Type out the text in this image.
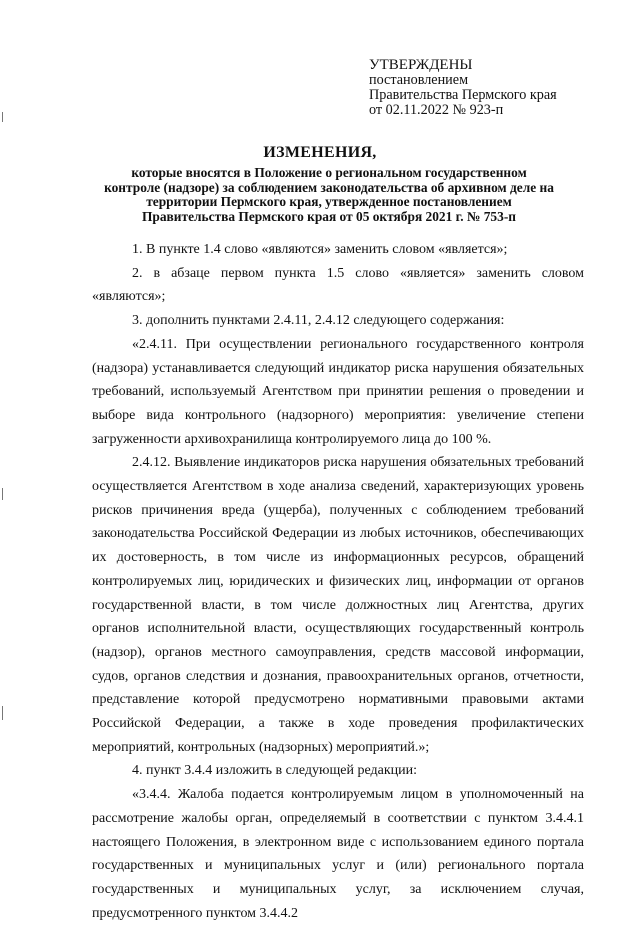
УТВЕРЖДЕНЫ
постановлением
Правительства Пермского края
от 02.11.2022 № 923-п
ИЗМЕНЕНИЯ,
которые вносятся в Положение о региональном государственном контроле (надзоре) за соблюдением законодательства об архивном деле на территории Пермского края, утвержденное постановлением Правительства Пермского края от 05 октября 2021 г. № 753-п

1. В пункте 1.4 слово «являются» заменить словом «является»;

2. в абзаце первом пункта 1.5 слово «является» заменить словом «являются»;

3. дополнить пунктами 2.4.11, 2.4.12 следующего содержания:

«2.4.11. При осуществлении регионального государственного контроля (надзора) устанавливается следующий индикатор риска нарушения обязательных требований, используемый Агентством при принятии решения о проведении и выборе вида контрольного (надзорного) мероприятия: увеличение степени загруженности архивохранилища контролируемого лица до 100 %.

2.4.12. Выявление индикаторов риска нарушения обязательных требований осуществляется Агентством в ходе анализа сведений, характеризующих уровень рисков причинения вреда (ущерба), полученных с соблюдением требований законодательства Российской Федерации из любых источников, обеспечивающих их достоверность, в том числе из информационных ресурсов, обращений контролируемых лиц, юридических и физических лиц, информации от органов государственной власти, в том числе должностных лиц Агентства, других органов исполнительной власти, осуществляющих государственный контроль (надзор), органов местного самоуправления, средств массовой информации, судов, органов следствия и дознания, правоохранительных органов, отчетности, представление которой предусмотрено нормативными правовыми актами Российской Федерации, а также в ходе проведения профилактических мероприятий, контрольных (надзорных) мероприятий.»;

4. пункт 3.4.4 изложить в следующей редакции:

«3.4.4. Жалоба подается контролируемым лицом в уполномоченный на рассмотрение жалобы орган, определяемый в соответствии с пунктом 3.4.4.1 настоящего Положения, в электронном виде с использованием единого портала государственных и муниципальных услуг и (или) регионального портала государственных и муниципальных услуг, за исключением случая, предусмотренного пунктом 3.4.4.2
